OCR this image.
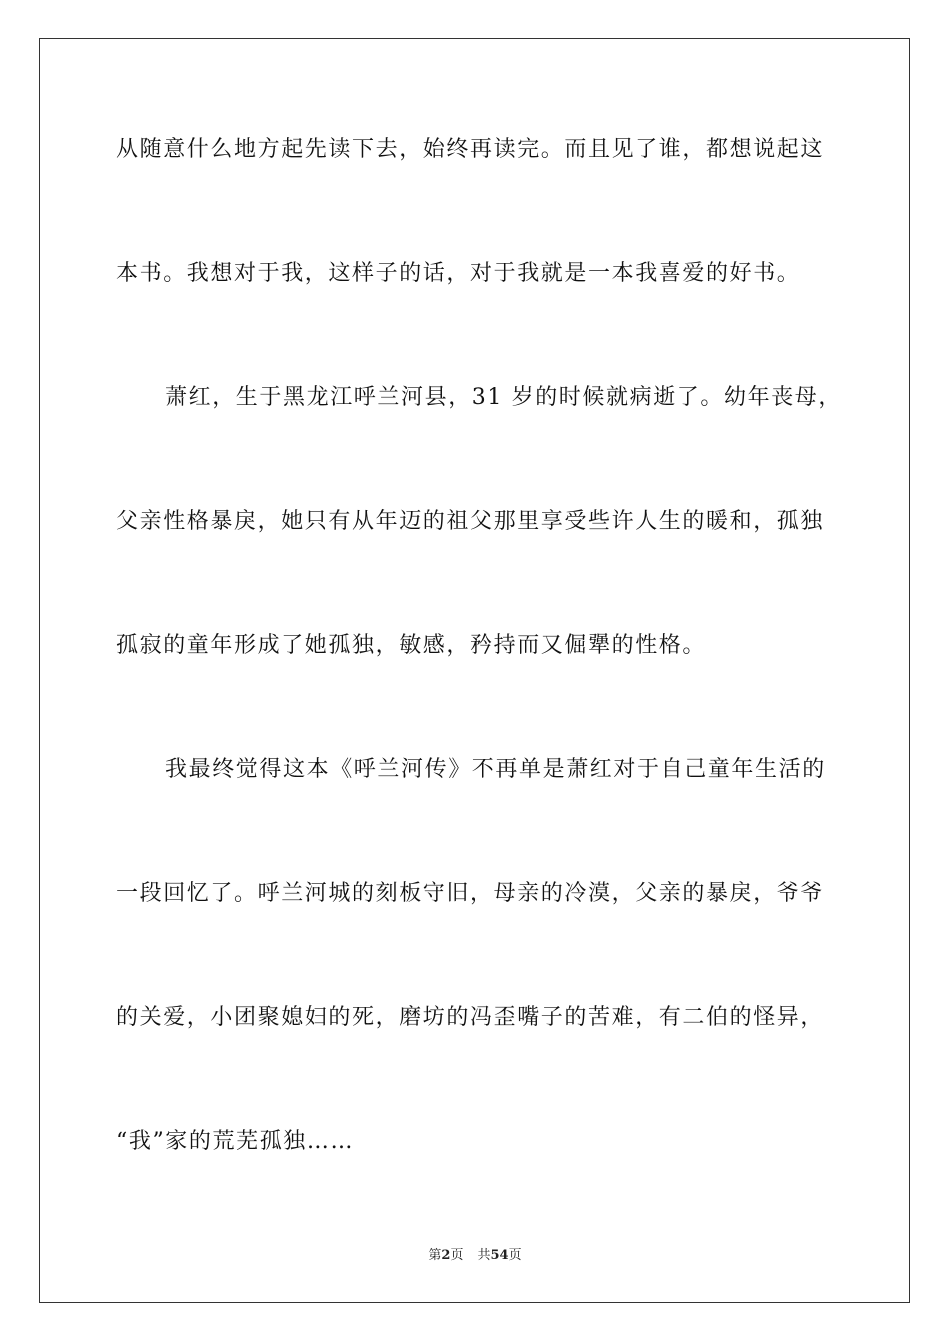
从随意什么地方起先读下去，始终再读完。而且见了谁，都想说起这
本书。我想对于我，这样子的话，对于我就是一本我喜爱的好书。
萧红，生于黑龙江呼兰河县，31 岁的时候就病逝了。幼年丧母，
父亲性格暴戾，她只有从年迈的祖父那里享受些许人生的暖和，孤独
孤寂的童年形成了她孤独，敏感，矜持而又倔犟的性格。
我最终觉得这本《呼兰河传》不再单是萧红对于自己童年生活的
一段回忆了。呼兰河城的刻板守旧，母亲的冷漠，父亲的暴戾，爷爷
的关爱，小团聚媳妇的死，磨坊的冯歪嘴子的苦难，有二伯的怪异，
“我”家的荒芜孤独……
第2页 共54页
